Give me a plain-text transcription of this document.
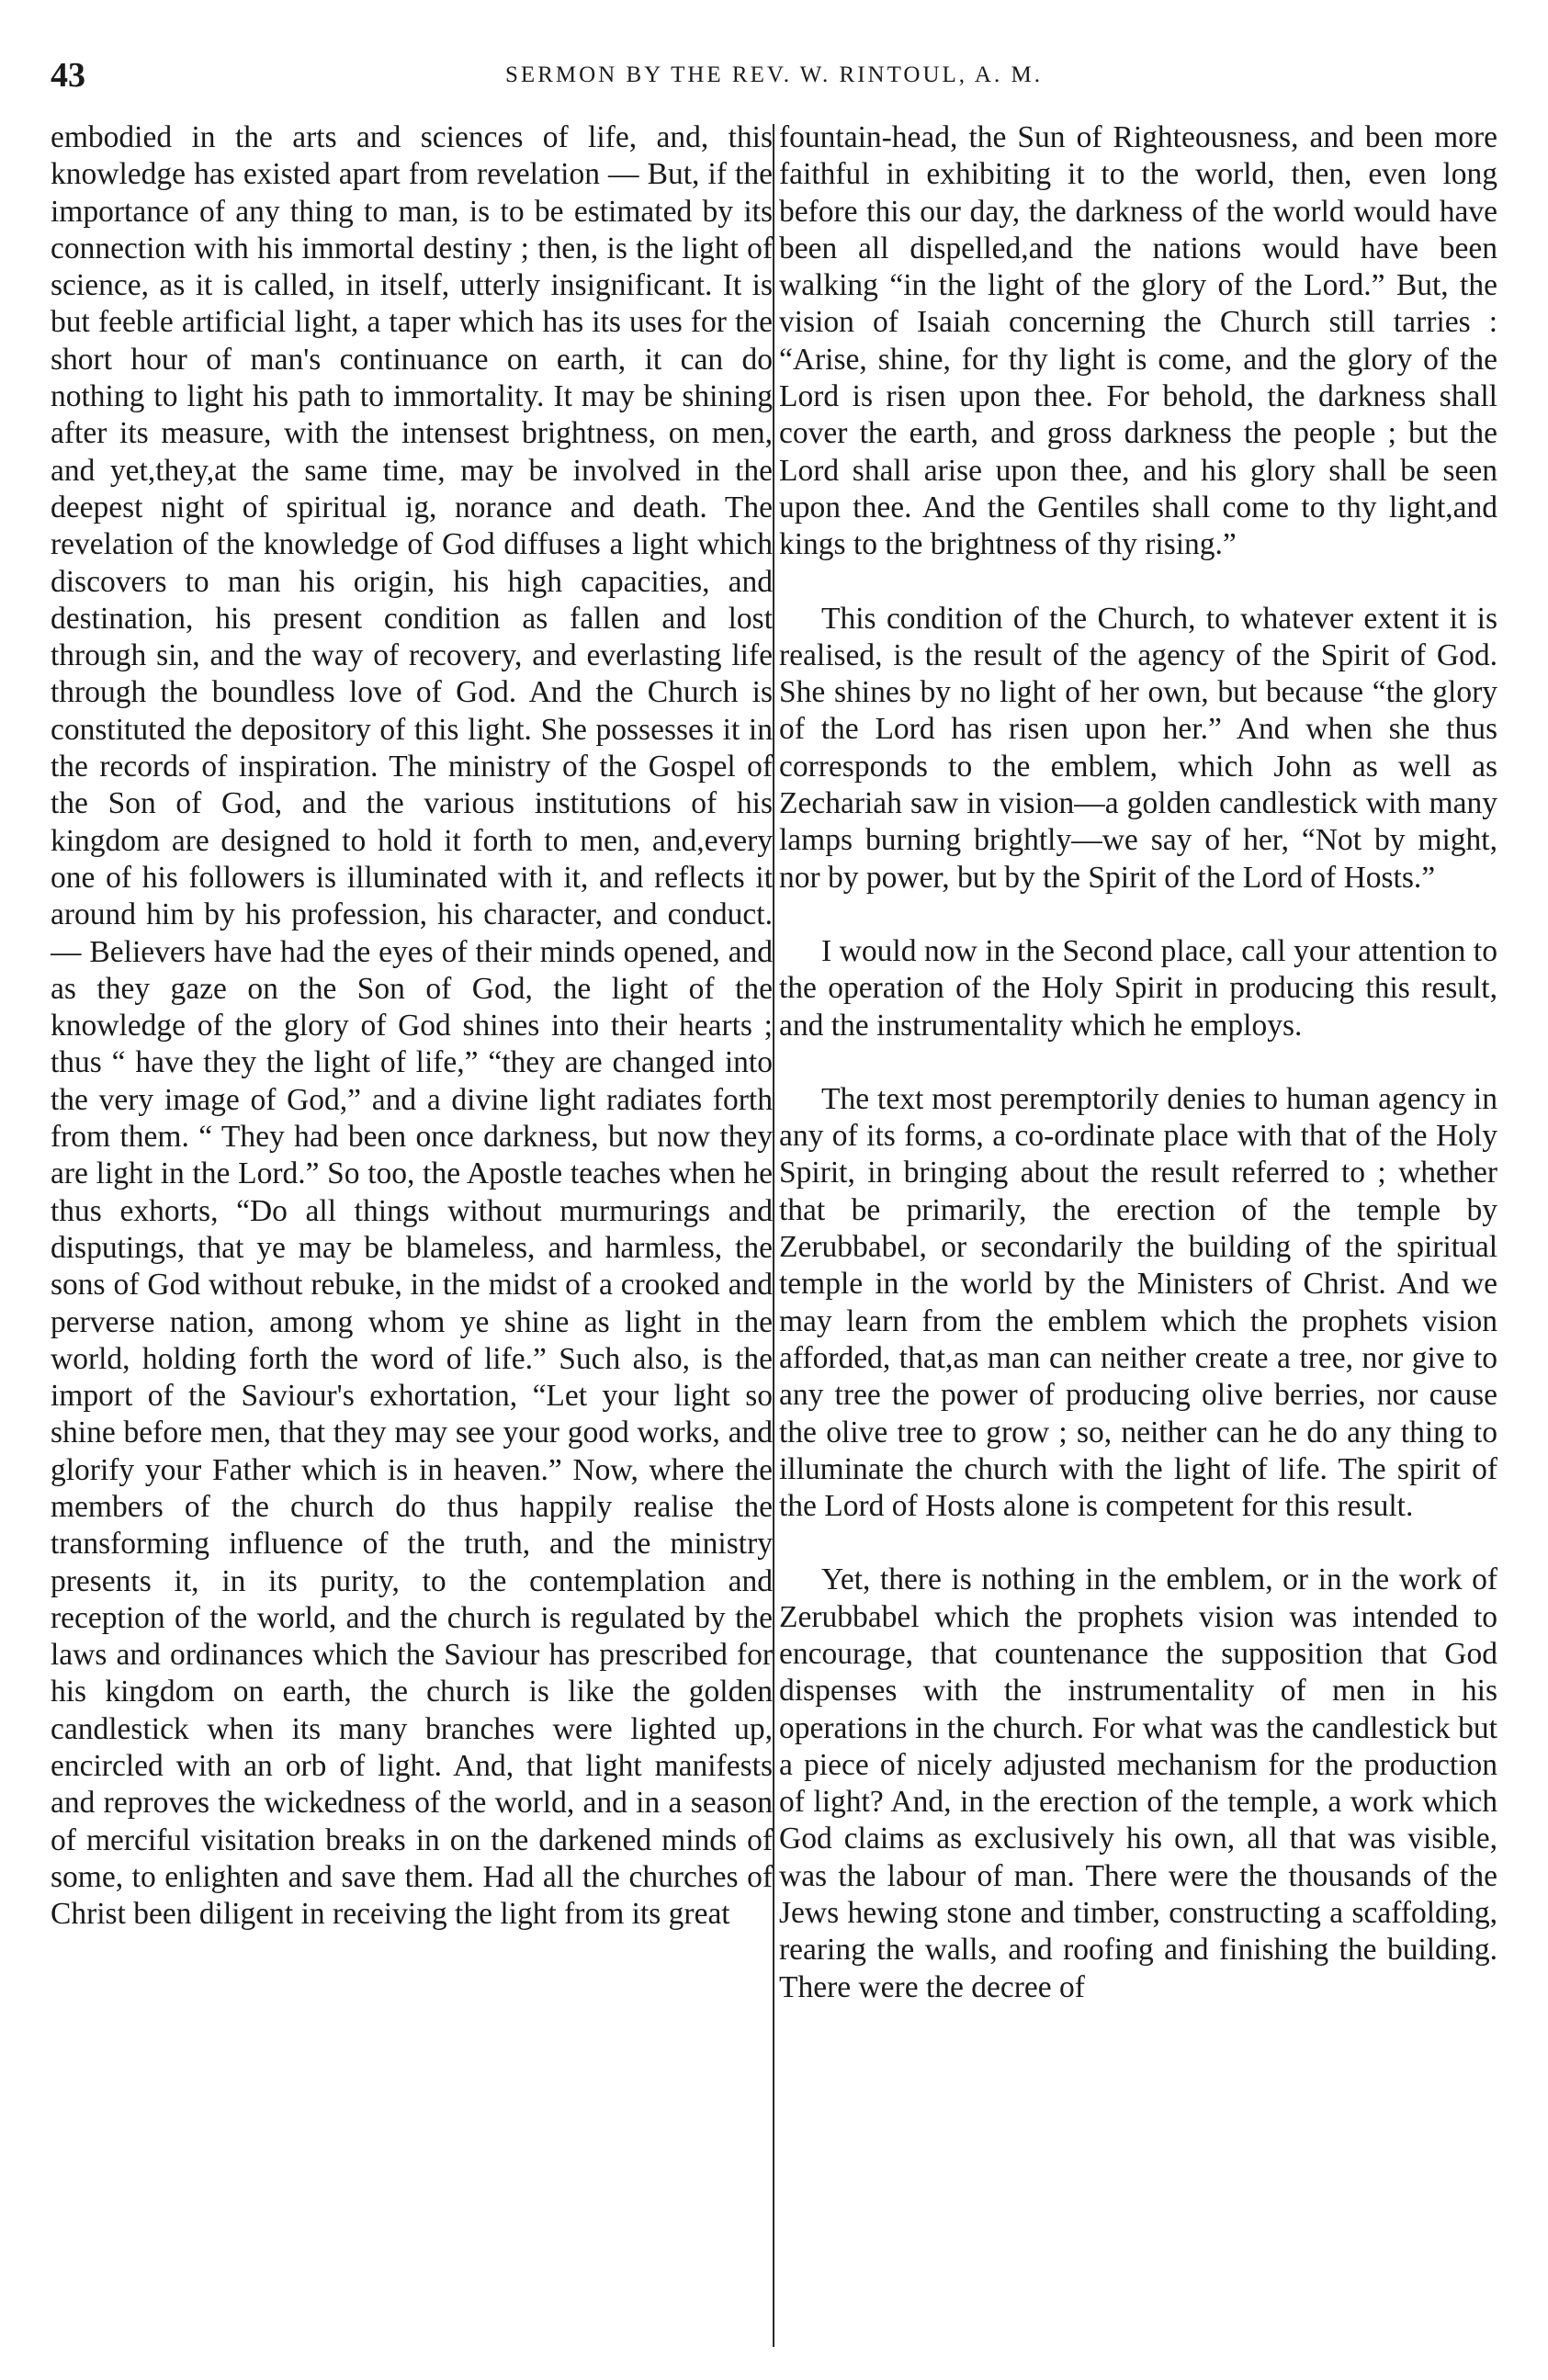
43	SERMON BY THE REV. W. RINTOUL, A. M.

embodied in the arts and sciences of life, and, this knowledge has existed apart from revelation — But, if the importance of any thing to man, is to be estimated by its connection with his immortal destiny ; then, is the light of science, as it is called, in itself, utterly insignificant. It is but feeble artificial light, a taper which has its uses for the short hour of man's continuance on earth, it can do nothing to light his path to immortality. It may be shining after its measure, with the intensest brightness, on men, and yet,they,at the same time, may be involved in the deepest night of spiritual ig, norance and death. The revelation of the knowledge of God diffuses a light which discovers to man his origin, his high capacities, and destination, his present condition as fallen and lost through sin, and the way of recovery, and everlasting life through the boundless love of God. And the Church is constituted the depository of this light. She possesses it in the records of inspiration. The ministry of the Gospel of the Son of God, and the various institutions of his kingdom are designed to hold it forth to men, and,every one of his followers is illuminated with it, and reflects it around him by his profession, his character, and conduct.— Believers have had the eyes of their minds opened, and as they gaze on the Son of God, the light of the knowledge of the glory of God shines into their hearts ; thus “ have they the light of life,” “they are changed into the very image of God,” and a divine light radiates forth from them. “ They had been once darkness, but now they are light in the Lord.” So too, the Apostle teaches when he thus exhorts, “Do all things without murmurings and disputings, that ye may be blameless, and harmless, the sons of God without rebuke, in the midst of a crooked and perverse nation, among whom ye shine as light in the world, holding forth the word of life.” Such also, is the import of the Saviour's exhortation, “Let your light so shine before men, that they may see your good works, and glorify your Father which is in heaven.” Now, where the members of the church do thus happily realise the transforming influence of the truth, and the ministry presents it, in its purity, to the contemplation and reception of the world, and the church is regulated by the laws and ordinances which the Saviour has prescribed for his kingdom on earth, the church is like the golden candlestick when its many branches were lighted up, encircled with an orb of light. And, that light manifests and reproves the wickedness of the world, and in a season of merciful visitation breaks in on the darkened minds of some, to enlighten and save them. Had all the churches of Christ been diligent in receiving the light from its great

fountain-head, the Sun of Righteousness, and been more faithful in exhibiting it to the world, then, even long before this our day, the darkness of the world would have been all dispelled,and the nations would have been walking “in the light of the glory of the Lord.” But, the vision of Isaiah concerning the Church still tarries : “Arise, shine, for thy light is come, and the glory of the Lord is risen upon thee. For behold, the darkness shall cover the earth, and gross darkness the people ; but the Lord shall arise upon thee, and his glory shall be seen upon thee. And the Gentiles shall come to thy light,and kings to the brightness of thy rising.”

This condition of the Church, to whatever extent it is realised, is the result of the agency of the Spirit of God. She shines by no light of her own, but because “the glory of the Lord has risen upon her.” And when she thus corresponds to the emblem, which John as well as Zechariah saw in vision—a golden candlestick with many lamps burning brightly—we say of her, “Not by might, nor by power, but by the Spirit of the Lord of Hosts.”

I would now in the Second place, call your attention to the operation of the Holy Spirit in producing this result, and the instrumentality which he employs.

The text most peremptorily denies to human agency in any of its forms, a co-ordinate place with that of the Holy Spirit, in bringing about the result referred to ; whether that be primarily, the erection of the temple by Zerubbabel, or secondarily the building of the spiritual temple in the world by the Ministers of Christ. And we may learn from the emblem which the prophets vision afforded, that,as man can neither create a tree, nor give to any tree the power of producing olive berries, nor cause the olive tree to grow ; so, neither can he do any thing to illuminate the church with the light of life. The spirit of the Lord of Hosts alone is competent for this result.

Yet, there is nothing in the emblem, or in the work of Zerubbabel which the prophets vision was intended to encourage, that countenance the supposition that God dispenses with the instrumentality of men in his operations in the church. For what was the candlestick but a piece of nicely adjusted mechanism for the production of light? And, in the erection of the temple, a work which God claims as exclusively his own, all that was visible, was the labour of man. There were the thousands of the Jews hewing stone and timber, constructing a scaffolding, rearing the walls, and roofing and finishing the building. There were the decree of
